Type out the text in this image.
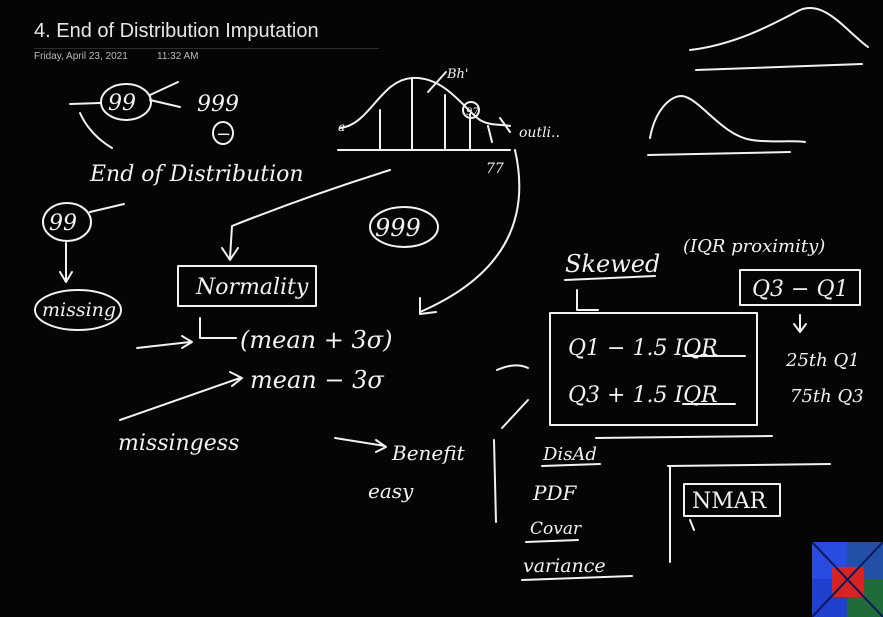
4. End of Distribution Imputation
Friday, April 23, 2021	11:32 AM
99	999
−
End of Distribution
99
missing
a
Bh'
97
outli..
77
Normality
999
(mean + 3σ)
mean − 3σ
missingess	Benefit
easy
Skewed
(IQR proximity)
Q3 − Q1
Q1 − 1.5 IQR
Q3 + 1.5 IQR
25th Q1
75th Q3
DisAd
PDF
Covar
variance
NMAR
